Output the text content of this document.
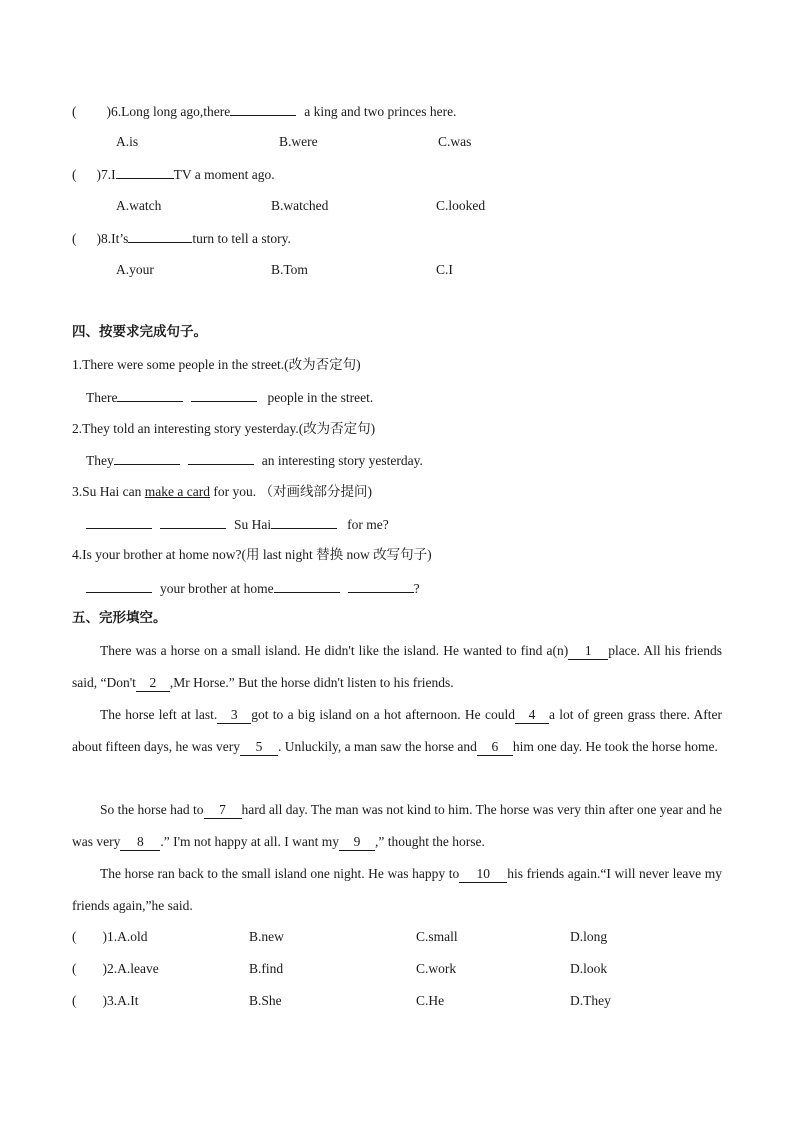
( )6.Long long ago,there	a king and two princes here.
A.is	B.were	C.was
( )7.I	TV a moment ago.
A.watch	B.watched	C.looked
( )8.It’s	turn to tell a story.
A.your	B.Tom	C.I
四、按要求完成句子。
1.There were some people in the street.(改为否定句)
There	people in the street.
2.They told an interesting story yesterday.(改为否定句)
They	an interesting story yesterday.
3.Su Hai can make a card for you. （对画线部分提问)
Su Hai	for me?
4.Is your brother at home now?(用 last night 替换 now 改写句子)
your brother at home	?
五、完形填空。
There was a horse on a small island. He didn't like the island. He wanted to find a(n) 1 place. All his friends said, “Don't 2 ,Mr Horse.” But the horse didn't listen to his friends.
The horse left at last. 3 got to a big island on a hot afternoon. He could 4 a lot of green grass there. After about fifteen days, he was very 5 . Unluckily, a man saw the horse and 6 him one day. He took the horse home.
So the horse had to 7 hard all day. The man was not kind to him. The horse was very thin after one year and he was very 8 .” I'm not happy at all. I want my 9 ,” thought the horse.
The horse ran back to the small island one night. He was happy to 10 his friends again.“I will never leave my friends again,”he said.
( )1.A.old	B.new	C.small	D.long
( )2.A.leave	B.find	C.work	D.look
( )3.A.It	B.She	C.He	D.They
